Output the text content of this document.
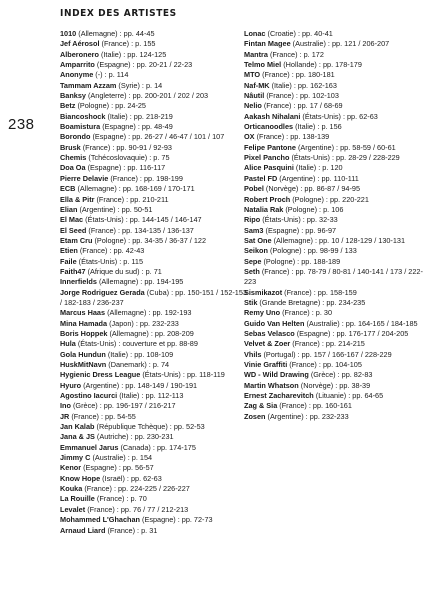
INDEX DES ARTISTES
238
1010 (Allemagne) : pp. 44-45
Jef Aérosol (France) : p. 155
Alberonero (Italie) : pp. 124-125
Amparrito (Espagne) : pp. 20-21 / 22-23
Anonyme (-) : p. 114
Tammam Azzam (Syrie) : p. 14
Banksy (Angleterre) : pp. 200-201 / 202 / 203
Betz (Pologne) : pp. 24-25
Biancoshock (Italie) : pp. 218-219
Boamistura (Espagne) : pp. 48-49
Borondo (Espagne) : pp. 26-27 / 46-47 / 101 / 107
Brusk (France) : pp. 90-91 / 92-93
Chemis (Tchécoslovaquie) : p. 75
Doa Oa (Espagne) : pp. 116-117
Pierre Delavie (France) : pp. 198-199
ECB (Allemagne) : pp. 168-169 / 170-171
Ella & Pitr (France) : pp. 210-211
Elian (Argentine) : pp. 50-51
El Mac (États-Unis) : pp. 144-145 / 146-147
El Seed (France) : pp. 134-135 / 136-137
Etam Cru (Pologne) : pp. 34-35 / 36-37 / 122
Etien (France) : pp. 42-43
Faile (États-Unis) : p. 115
Faith47 (Afrique du sud) : p. 71
Innerfields (Allemagne) : pp. 194-195
Jorge Rodriguez Gerada (Cuba) : pp. 150-151 / 152-153 / 182-183 / 236-237
Marcus Haas (Allemagne) : pp. 192-193
Mina Hamada (Japon) : pp. 232-233
Boris Hoppek (Allemagne) : pp. 208-209
Hula (États-Unis) : couverture et pp. 88-89
Gola Hundun (Italie) : pp. 108-109
HuskMitNavn (Danemark) : p. 74
Hygienic Dress League (États-Unis) : pp. 118-119
Hyuro (Argentine) : pp. 148-149 / 190-191
Agostino Iacurci (Italie) : pp. 112-113
Ino (Grèce) : pp. 196-197 / 216-217
JR (France) : pp. 54-55
Jan Kalab (République Tchèque) : pp. 52-53
Jana & JS (Autriche) : pp. 230-231
Emmanuel Jarus (Canada) : pp. 174-175
Jimmy C (Australie) : p. 154
Kenor (Espagne) : pp. 56-57
Know Hope (Israël) : pp. 62-63
Kouka (France) : pp. 224-225 / 226-227
La Rouille (France) : p. 70
Levalet (France) : pp. 76 / 77 / 212-213
Mohammed L'Ghachan (Espagne) : pp. 72-73
Arnaud Liard (France) : p. 31
Lonac (Croatie) : pp. 40-41
Fintan Magee (Australie) : pp. 121 / 206-207
Mantra (France) : p. 172
Telmo Miel (Hollande) : pp. 178-179
MTO (France) : pp. 180-181
Naf-MK (Italie) : pp. 162-163
Nâutil (France) : pp. 102-103
Nelio (France) : pp. 17 / 68-69
Aakash Nihalani (États-Unis) : pp. 62-63
Orticanoodles (Italie) : p. 156
OX (France) : pp. 138-139
Felipe Pantone (Argentine) : pp. 58-59 / 60-61
Pixel Pancho (États-Unis) : pp. 28-29 / 228-229
Alice Pasquini (Italie) : p. 120
Pastel FD (Argentine) : pp. 110-111
Pobel (Norvège) : pp. 86-87 / 94-95
Robert Proch (Pologne) : pp. 220-221
Natalia Rak (Pologne) : p. 106
Ripo (États-Unis) : pp. 32-33
Sam3 (Espagne) : pp. 96-97
Sat One (Allemagne) : pp. 10 / 128-129 / 130-131
Seikon (Pologne) : pp. 98-99 / 133
Sepe (Pologne) : pp. 188-189
Seth (France) : pp. 78-79 / 80-81 / 140-141 / 173 / 222-223
Sismikazot (France) : pp. 158-159
Stik (Grande Bretagne) : pp. 234-235
Remy Uno (France) : p. 30
Guido Van Helten (Australie) : pp. 164-165 / 184-185
Sebas Velasco (Espagne) : pp. 176-177 / 204-205
Velvet & Zoer (France) : pp. 214-215
Vhils (Portugal) : pp. 157 / 166-167 / 228-229
Vinie Graffiti (France) : pp. 104-105
WD - Wild Drawing (Grèce) : pp. 82-83
Martin Whatson (Norvège) : pp. 38-39
Ernest Zacharevitch (Lituanie) : pp. 64-65
Zag & Sia (France) : pp. 160-161
Zosen (Argentine) : pp. 232-233
